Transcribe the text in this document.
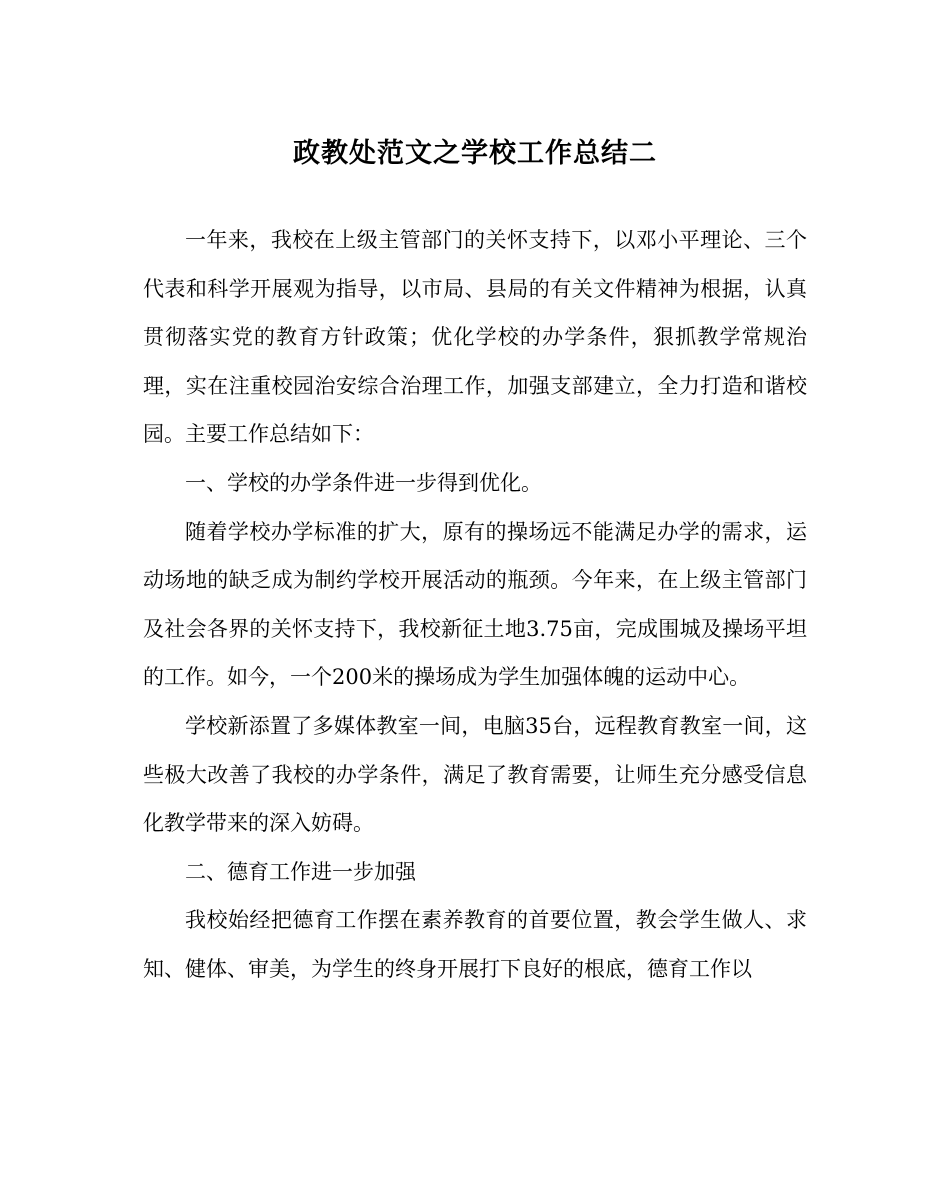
政教处范文之学校工作总结二

一年来，我校在上级主管部门的关怀支持下，以邓小平理论、三个代表和科学开展观为指导，以市局、县局的有关文件精神为根据，认真贯彻落实党的教育方针政策；优化学校的办学条件，狠抓教学常规治理，实在注重校园治安综合治理工作，加强支部建立，全力打造和谐校园。主要工作总结如下：

一、学校的办学条件进一步得到优化。

随着学校办学标准的扩大，原有的操场远不能满足办学的需求，运动场地的缺乏成为制约学校开展活动的瓶颈。今年来，在上级主管部门及社会各界的关怀支持下，我校新征土地3.75亩，完成围城及操场平坦的工作。如今，一个200米的操场成为学生加强体魄的运动中心。

学校新添置了多媒体教室一间，电脑35台，远程教育教室一间，这些极大改善了我校的办学条件，满足了教育需要，让师生充分感受信息化教学带来的深入妨碍。

二、德育工作进一步加强

我校始经把德育工作摆在素养教育的首要位置，教会学生做人、求知、健体、审美，为学生的终身开展打下良好的根底，德育工作以
